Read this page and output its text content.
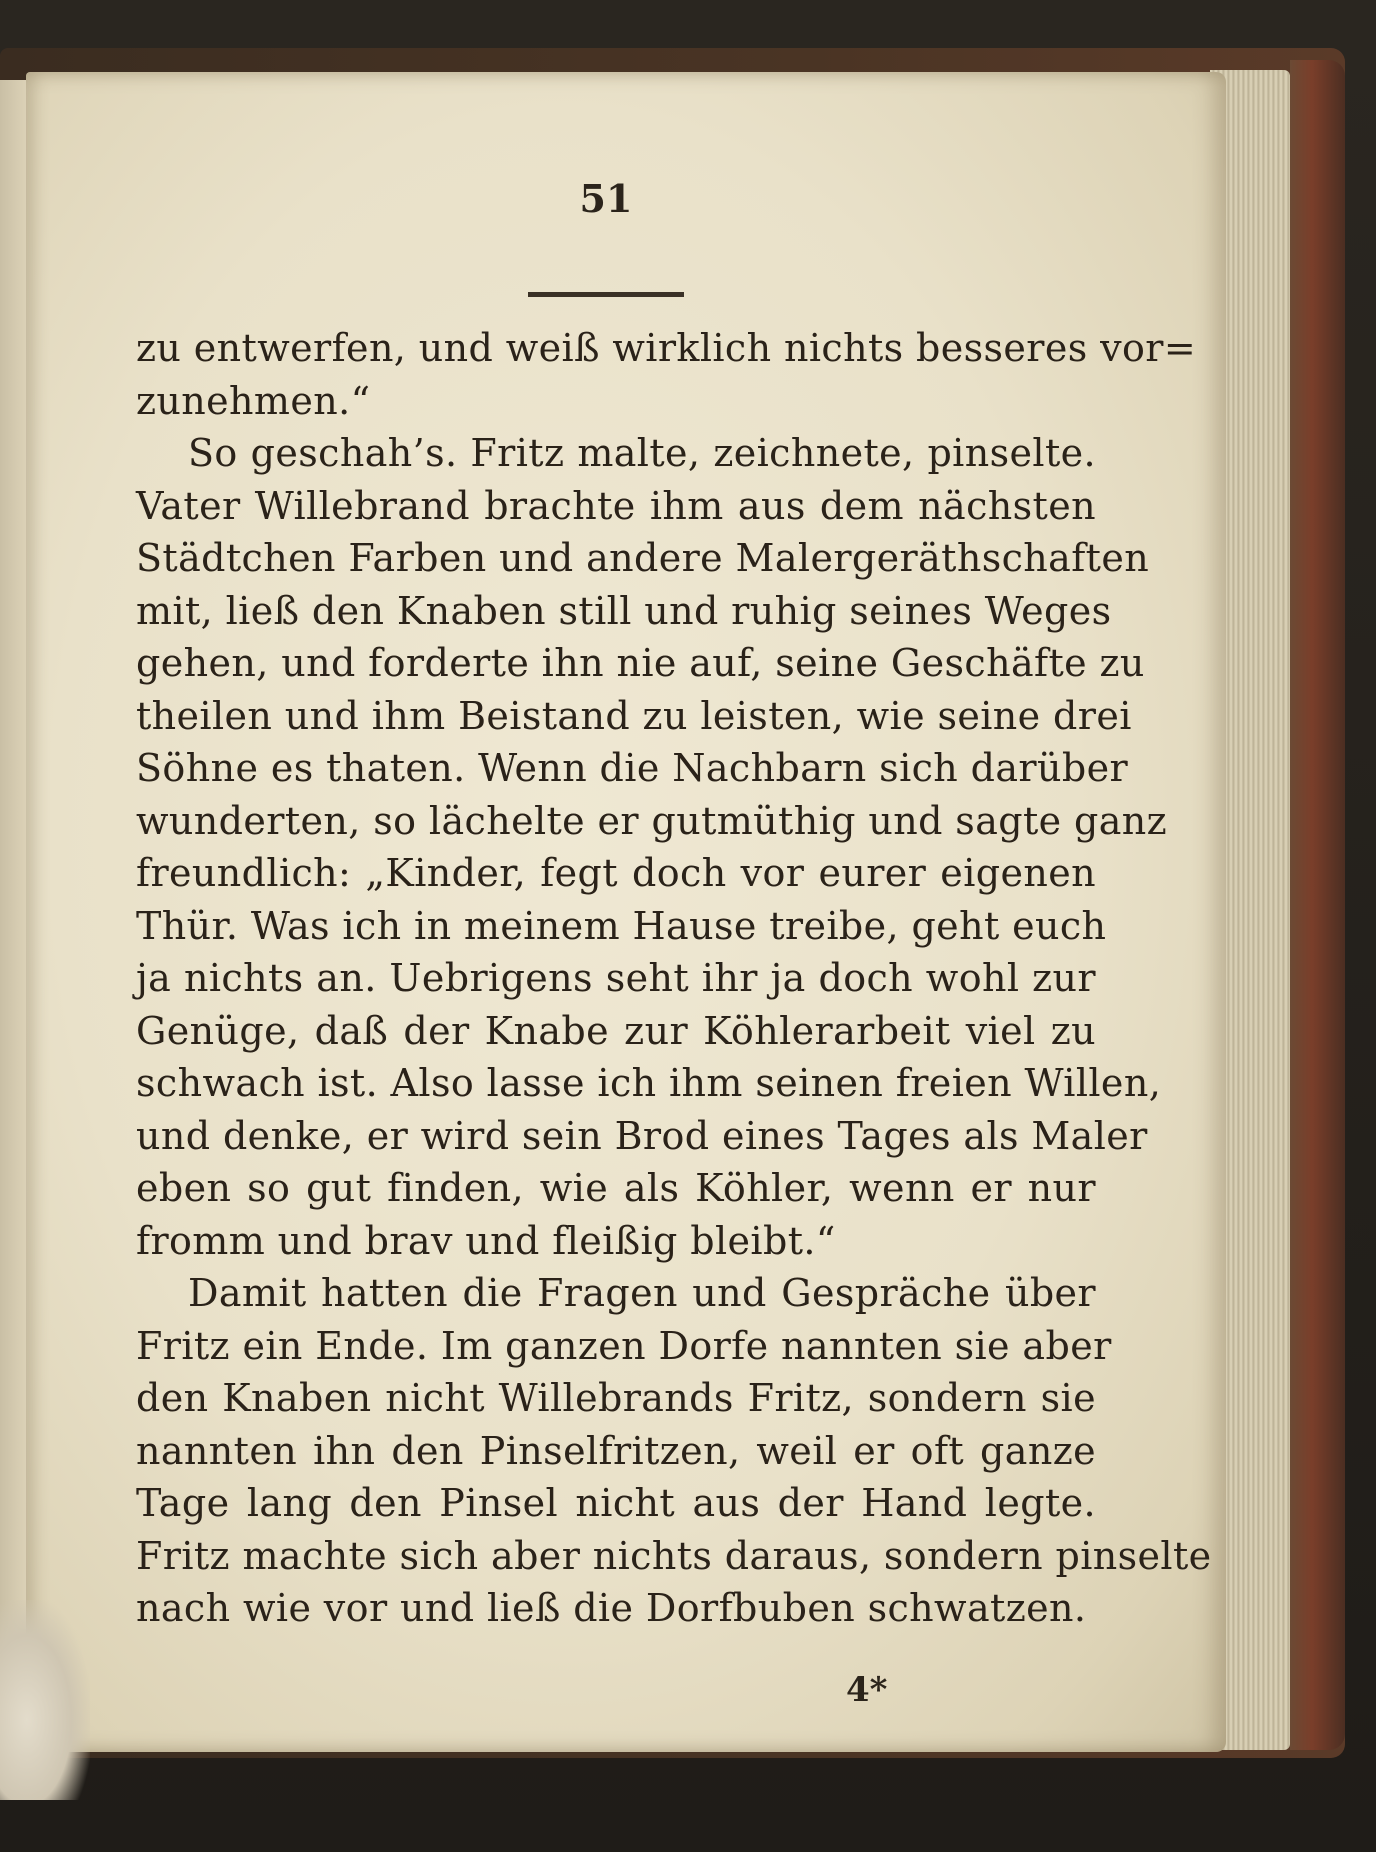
51
zu entwerfen, und weiß wirklich nichts besseres vor=
zunehmen.“
So geschah’s. Fritz malte, zeichnete, pinselte.
Vater Willebrand brachte ihm aus dem nächsten
Städtchen Farben und andere Malergeräthschaften
mit, ließ den Knaben still und ruhig seines Weges
gehen, und forderte ihn nie auf, seine Geschäfte zu
theilen und ihm Beistand zu leisten, wie seine drei
Söhne es thaten. Wenn die Nachbarn sich darüber
wunderten, so lächelte er gutmüthig und sagte ganz
freundlich: „Kinder, fegt doch vor eurer eigenen
Thür. Was ich in meinem Hause treibe, geht euch
ja nichts an. Uebrigens seht ihr ja doch wohl zur
Genüge, daß der Knabe zur Köhlerarbeit viel zu
schwach ist. Also lasse ich ihm seinen freien Willen,
und denke, er wird sein Brod eines Tages als Maler
eben so gut finden, wie als Köhler, wenn er nur
fromm und brav und fleißig bleibt.“
Damit hatten die Fragen und Gespräche über
Fritz ein Ende. Im ganzen Dorfe nannten sie aber
den Knaben nicht Willebrands Fritz, sondern sie
nannten ihn den Pinselfritzen, weil er oft ganze
Tage lang den Pinsel nicht aus der Hand legte.
Fritz machte sich aber nichts daraus, sondern pinselte
nach wie vor und ließ die Dorfbuben schwatzen.
4*
